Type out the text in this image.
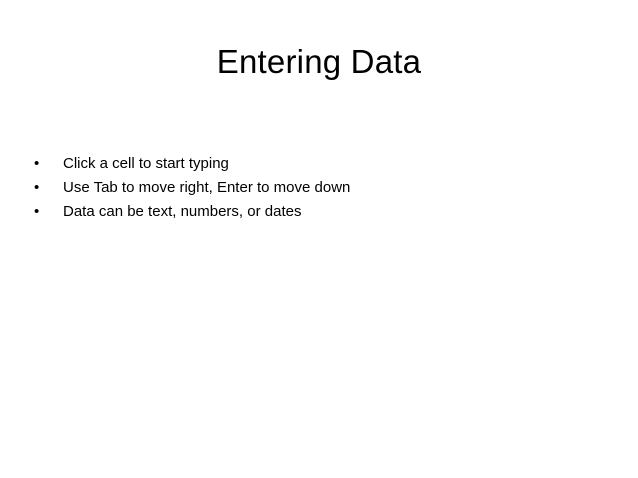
Entering Data
• Click a cell to start typing
• Use Tab to move right, Enter to move down
• Data can be text, numbers, or dates
